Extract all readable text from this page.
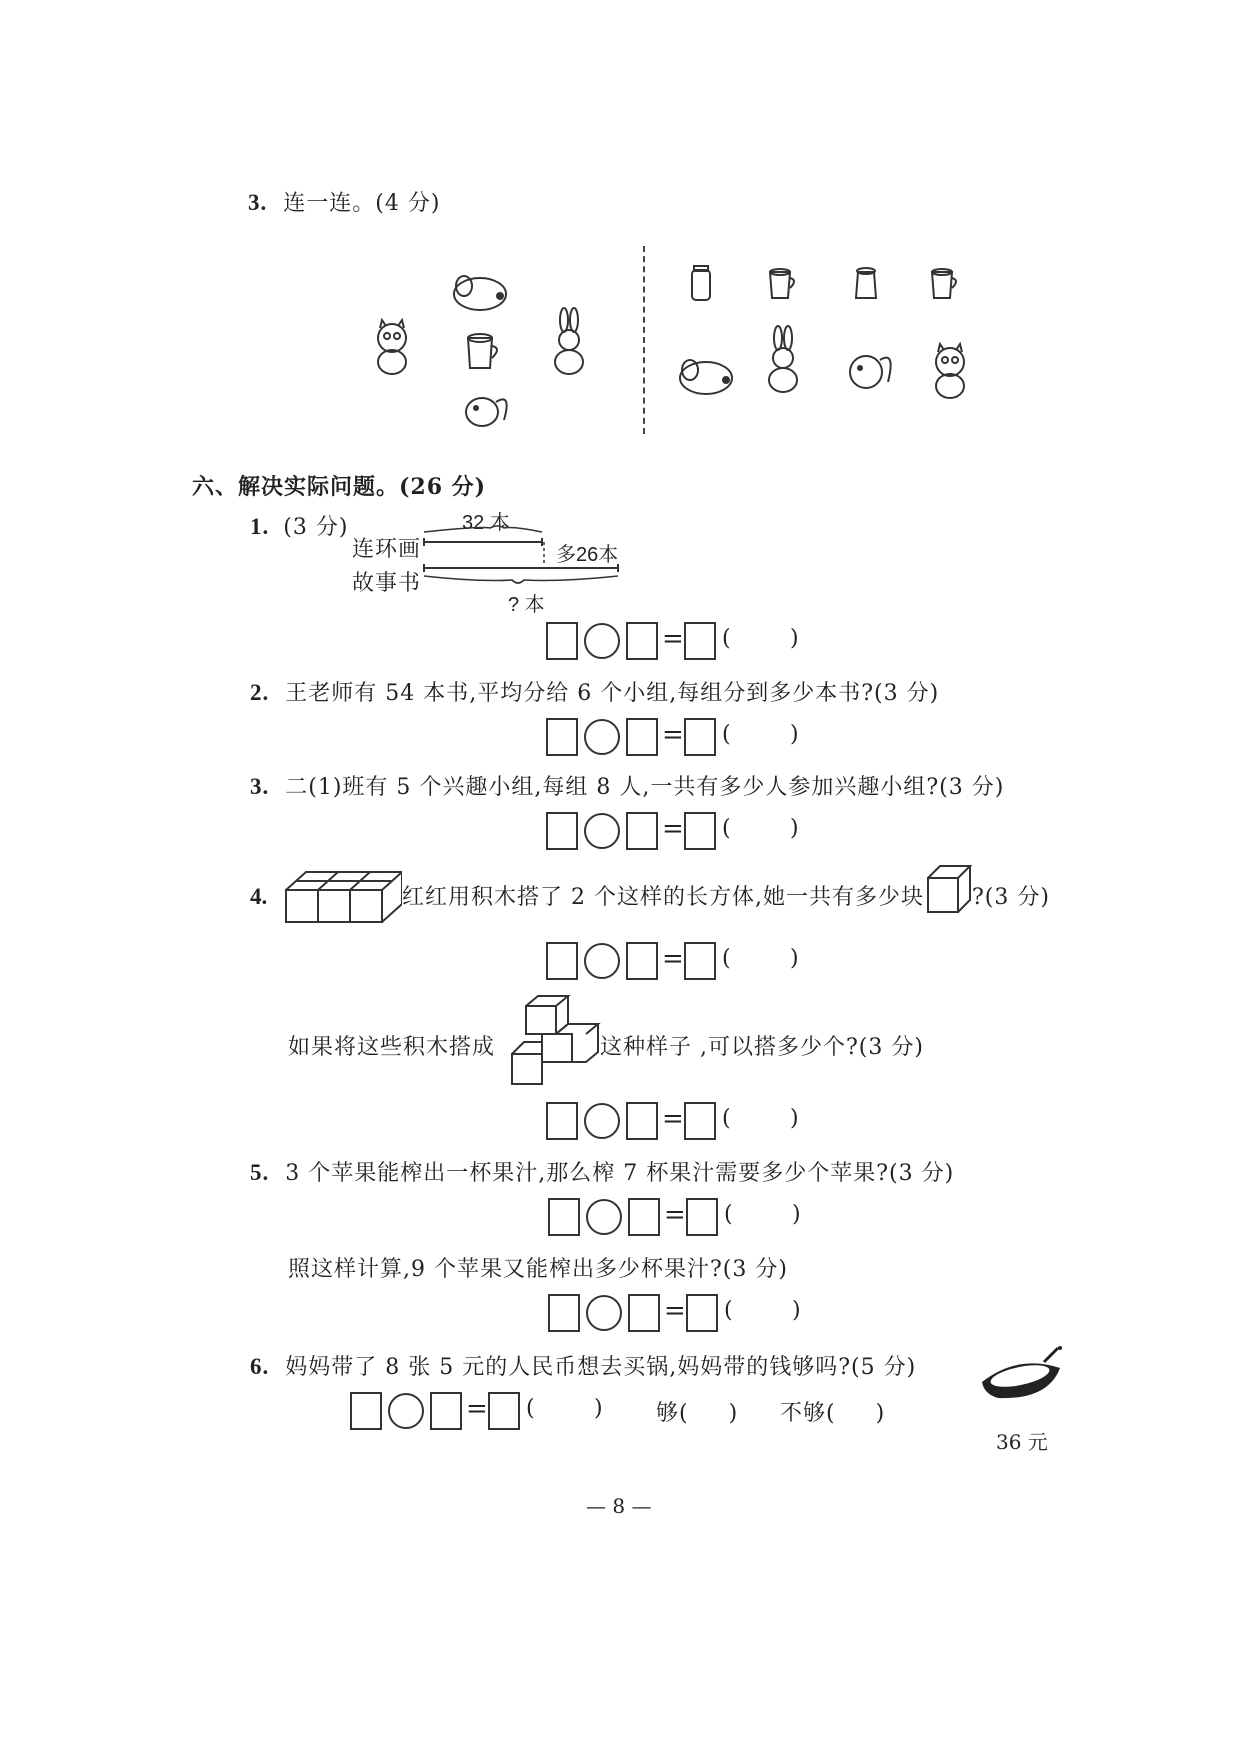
3. 连一连。(4 分)
六、解决实际问题。(26 分)
1. (3 分)	32 本
连环画
故事书
多26本
? 本
= (	)
2. 王老师有 54 本书,平均分给 6 个小组,每组分到多少本书?(3 分)
= (	)
3. 二(1)班有 5 个兴趣小组,每组 8 人,一共有多少人参加兴趣小组?(3 分)
= (	)
4.	红红用积木搭了 2 个这样的长方体,她一共有多少块 ?(3 分)
= (	)
如果将这些积木搭成	这种样子 ,可以搭多少个?(3 分)
= (	)
5. 3 个苹果能榨出一杯果汁,那么榨 7 杯果汁需要多少个苹果?(3 分)
= (	)
照这样计算,9 个苹果又能榨出多少杯果汁?(3 分)
= (	)
6. 妈妈带了 8 张 5 元的人民币想去买锅,妈妈带的钱够吗?(5 分)
= (	) 够( ) 不够( )
36 元
— 8 —
